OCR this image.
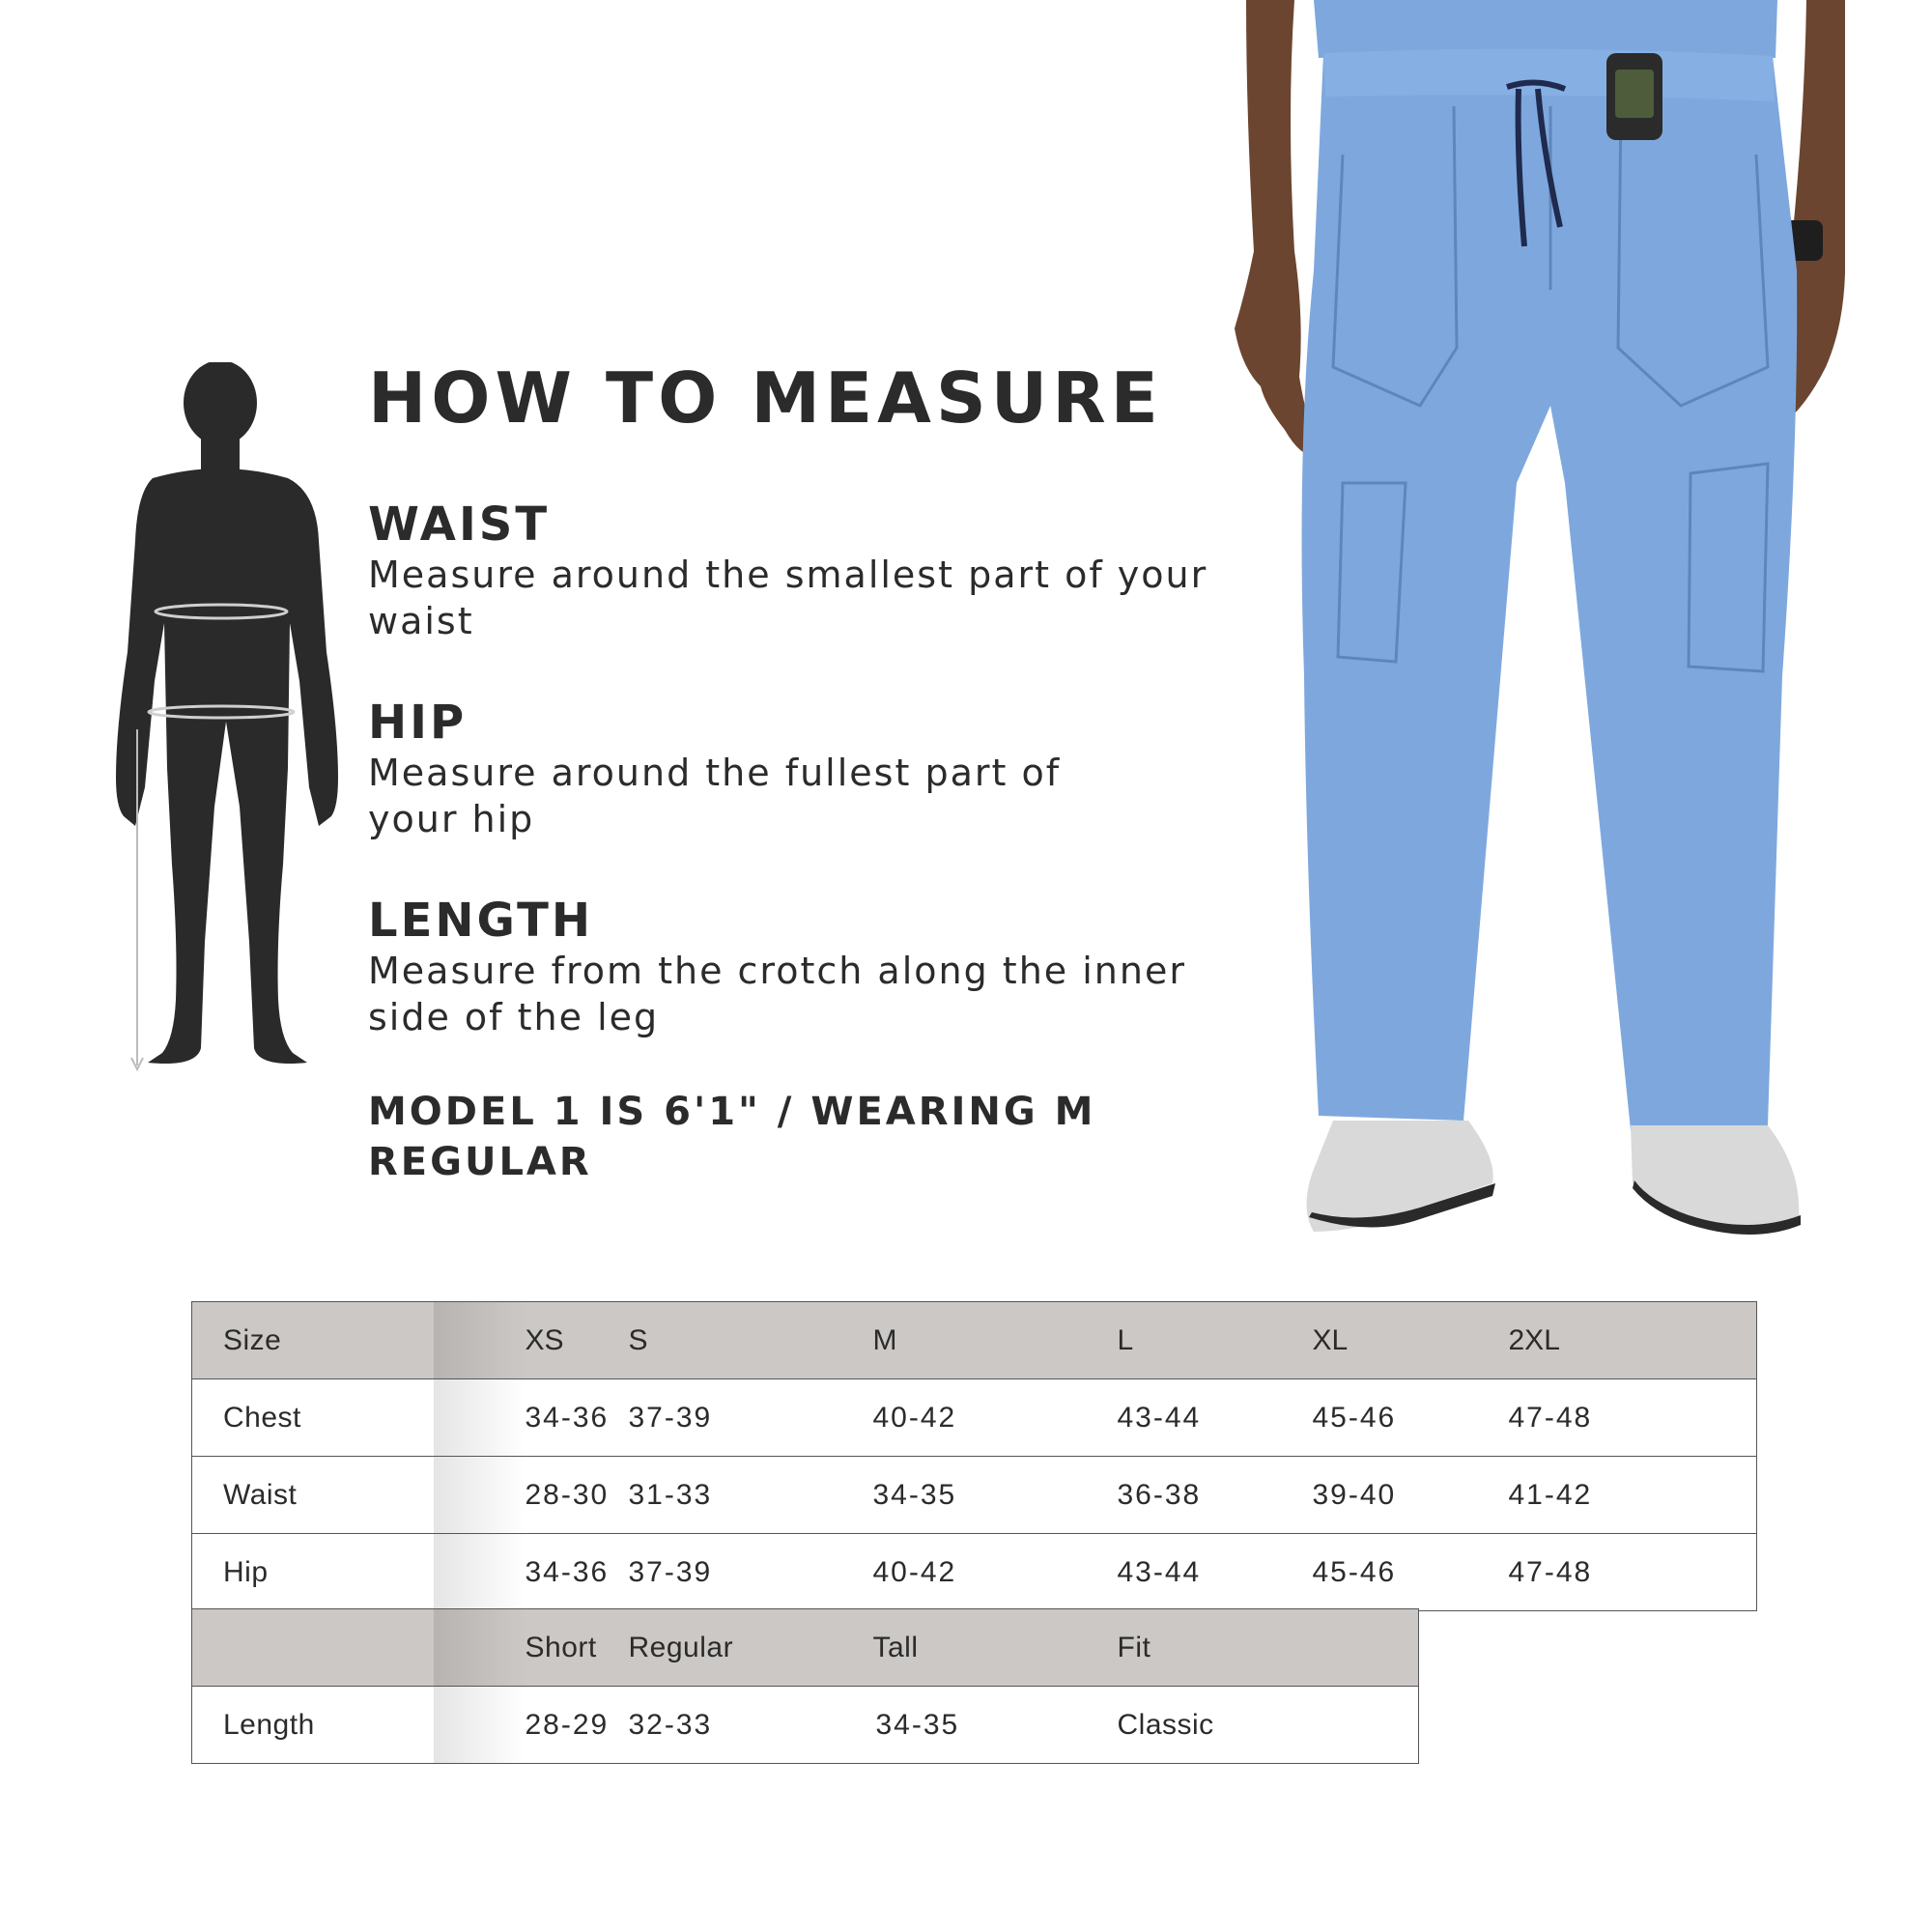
HOW TO MEASURE
WAIST

Measure around the smallest part of your waist

HIP

Measure around the fullest part of your hip

LENGTH

Measure from the crotch along the inner side of the leg

MODEL 1 IS 6'1" / WEARING M REGULAR

Size	XS	S	M	L	XL	2XL
Chest	34-36	37-39	40-42	43-44	45-46	47-48
Waist	28-30	31-33	34-35	36-38	39-40	41-42
Hip	34-36	37-39	40-42	43-44	45-46	47-48
	Short	Regular	Tall	Fit
Length	28-29	32-33	34-35	Classic
